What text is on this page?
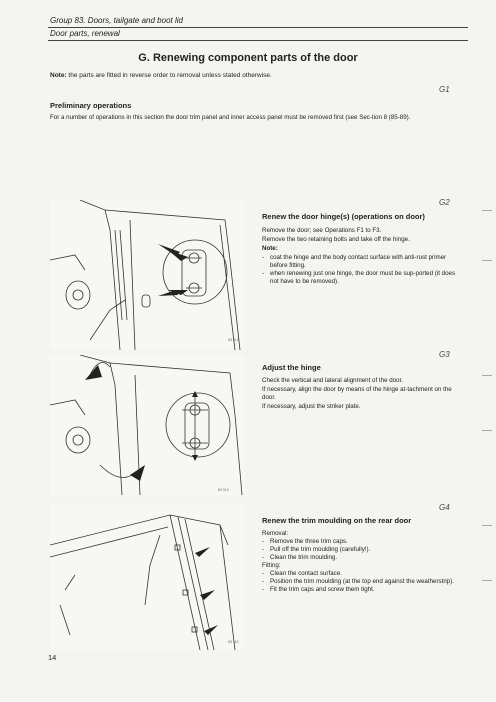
Group 83. Doors, tailgate and boot lid
Door parts, renewal
G. Renewing component parts of the door
Note: the parts are fitted in reverse order to removal unless stated otherwise.
G1
Preliminary operations
For a number of operations in this section the door trim panel and inner access panel must be removed first (see Sec-tion 8 (85-89).
G2
Renew the door hinge(s) (operations on door)
Remove the door; see Operations F1 to F3.
Remove the two retaining bolts and take off the hinge.
Note:
- coat the hinge and the body contact surface with anti-rust primer before fitting.
- when renewing just one hinge, the door must be sup-ported (it does not have to be removed).
83 012
G3
Adjust the hinge
Check the vertical and lateral alignment of the door.
If necessary, align the door by means of the hinge at-tachment on the door.
If necessary, adjust the striker plate.
83 014
G4
Renew the trim moulding on the rear door
Removal:
- Remove the three trim caps.
- Pull off the trim moulding (carefully!).
- Clean the trim moulding.
Fitting:
- Clean the contact surface.
- Position the trim moulding (at the top end against the weatherstrip).
- Fit the trim caps and screw them tight.
83 115
14
